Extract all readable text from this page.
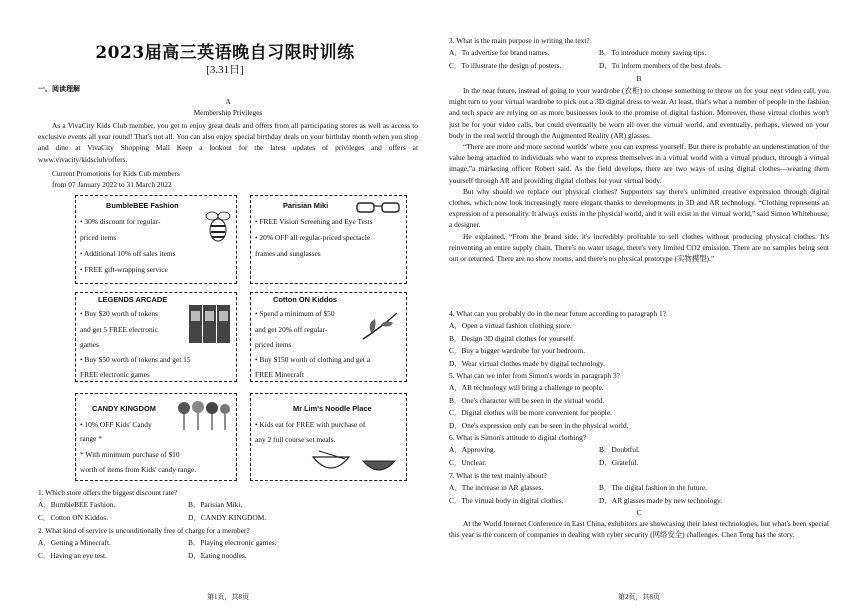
2023届高三英语晚自习限时训练
[3.31日]
一、阅读理解
A
Membership Privileges

As a VivaCity Kids Club member, you get to enjoy great deals and offers from all participating stores as well as access to exclusive events all year round! That's not all. You can also enjoy special birthday deals on your birthday month when you shop and dine at VivaCity Shopping Mall Keep a lookout for the latest updates of privileges and offers at www.vivacity/kidsclub/offers.

Current Promotions for Kids Cub members

from 07 January 2022 to 31 March 2022

BumbleBEE Fashion
• 30% discount for regular-
priced items
• Additional 10% off sales items
• FREE gift-wrapping service
Parisian Miki
• FREE Vision Screening and Eye Tests
• 20% OFF all regular-priced spectacle
frames and sunglasses
LEGENDS ARCADE
• Buy $20 worth of tokens
and get 5 FREE electronic
games
• Buy $50 worth of tokens and get 15
FREE electronic games
Cotton ON Kiddos
• Spend a minimum of $50
and get 20% off regular-
priced items
• Buy $150 worth of clothing and get a
FREE Minecraft
CANDY KINGDOM
• 10% OFF Kids' Candy
range *
* With minimum purchase of $10
worth of items from Kids' candy range.
Mr Lim's Noodle Place
• Kids eat for FREE with purchase of
any 2 full course set meals.

1. Which store offers the biggest discount rate?

A．BumbleBEE Fashion.	B．Parisian Miki.
C．Cotton ON Kiddos.	D．CANDY KINGDOM.

2. What kind of service is unconditionally free of charge for a member?

A．Getting a Minecraft.	B．Playing electronic games.
C．Having an eye test.	D．Eating noodles.
第1页，共8页

3. What is the main purpose in writing the text?

A．To advertise for brand names.	B．To introduce money saving tips.
C．To illustrate the design of posters.	D．To inform members of the best deals.
B

In the near future, instead of going to your wardrobe (衣柜) to choose something to throw on for your next video call, you might turn to your virtual wardrobe to pick out a 3D digital dress to wear. At least, that's what a number of people in the fashion and tech space are relying on as more businesses look to the promise of digital fashion. Moreover, those virtual clothes won't just be for your video calls, but could eventually be worn all over the virtual world, and eventually, perhaps, viewed on your body in the real world through the Augmented Reality (AR) glasses.

“There are more and more second worlds' where you can express yourself. But there is probably an underestimation of the value being attached to individuals who want to express themselves in a virtual world with a virtual product, through a virtual image,”a marketing officer Robert said. As the field develops, there are two ways of using digital clothes—wearing them yourself through AR and providing digital clothes for your virtual body.

But why should we replace our physical clothes? Supporters say there's unlimited creative expression through digital clothes, which now look increasingly more elegant thanks to developments in 3D and AR technology. “Clothing represents an expression of a personality. It always exists in the physical world, and it will exist in the virtual world,” said Simon Whitehouse, a designer.

He explained, “From the brand side, it's incredibly profitable to sell clothes without producing physical clothes. It's reinventing an entire supply chain. There's no water usage, there's very limited CO2 emission. There are no samples being sent out or returned. There are no show rooms, and there's no physical prototype (实物模型).”

4. What can you probably do in the near future according to paragraph 1?

A．Open a virtual fashion clothing store.

B．Design 3D digital clothes for yourself.

C．Buy a bigger wardrobe for your bedroom.

D．Wear virtual clothes made by digital technology.

5. What can we infer from Simon's words in paragraph 3?

A．AR technology will bring a challenge to people.

B．One's character will be seen in the virtual world.

C．Digital clothes will be more convenient for people.

D．One's expression only can be seen in the physical world.

6. What is Simon's attitude to digital clothing?

A．Approving.	B．Doubtful.
C．Unclear.	D．Grateful.

7. What is the text mainly about?

A．The increase in AR glasses.	B．The digital fashion in the future.
C．The virtual body in digital clothes.	D．AR glasses made by new technology.
C

At the World Internet Conference in East China, exhibitors are showcasing their latest technologies, but what's been special this year is the concern of companies in dealing with cyber security (网络安全) challenges. Chen Tong has the story.

第2页，共8页
